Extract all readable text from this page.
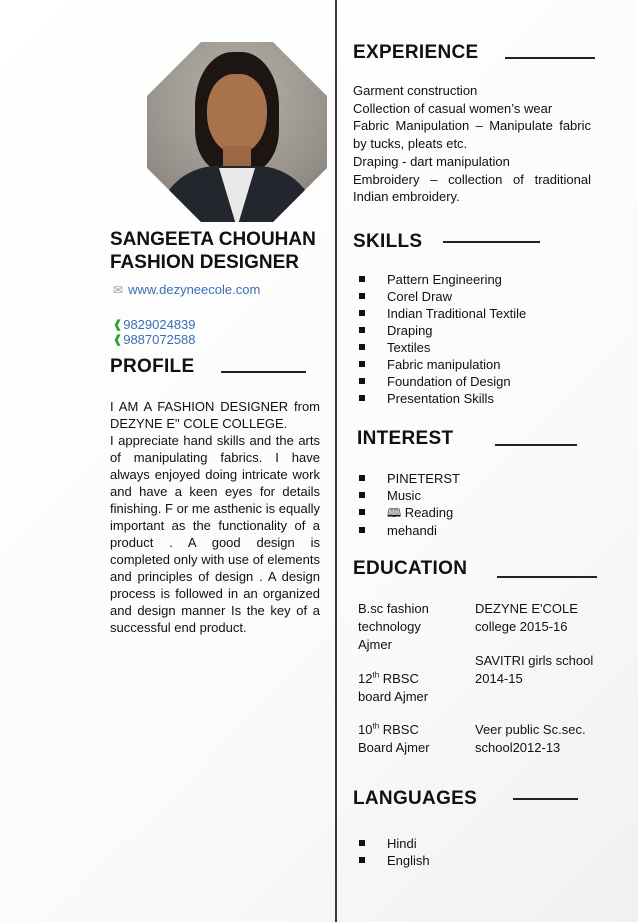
SANGEETA CHOUHAN
FASHION DESIGNER
✉ www.dezyneecole.com
❰ 9829024839
❰ 9887072588
PROFILE

I AM A FASHION DESIGNER from DEZYNE E" COLE COLLEGE.

I appreciate hand skills and the arts of manipulating fabrics. I have always enjoyed doing intricate work and have a keen eyes for details finishing. F or me asthenic is equally important as the functionality of a product . A good design is completed only with use of elements and principles of design . A design process is followed in an organized and design manner Is the key of a successful end product.

EXPERIENCE

Garment construction

Collection of casual women’s wear

Fabric Manipulation – Manipulate fabric by tucks, pleats etc.

Draping - dart manipulation

Embroidery – collection of traditional Indian embroidery.

SKILLS
Pattern Engineering
Corel Draw
Indian Traditional Textile
Draping
Textiles
Fabric manipulation
Foundation of Design
Presentation Skills
INTEREST
PINETERST
Music
🕮 Reading
mehandi
EDUCATION
B.sc fashion technology Ajmer
DEZYNE E'COLE college 2015-16
12th RBSC board Ajmer
SAVITRI girls school 2014-15
10th RBSC Board Ajmer
Veer public Sc.sec. school2012-13
LANGUAGES
Hindi
English
